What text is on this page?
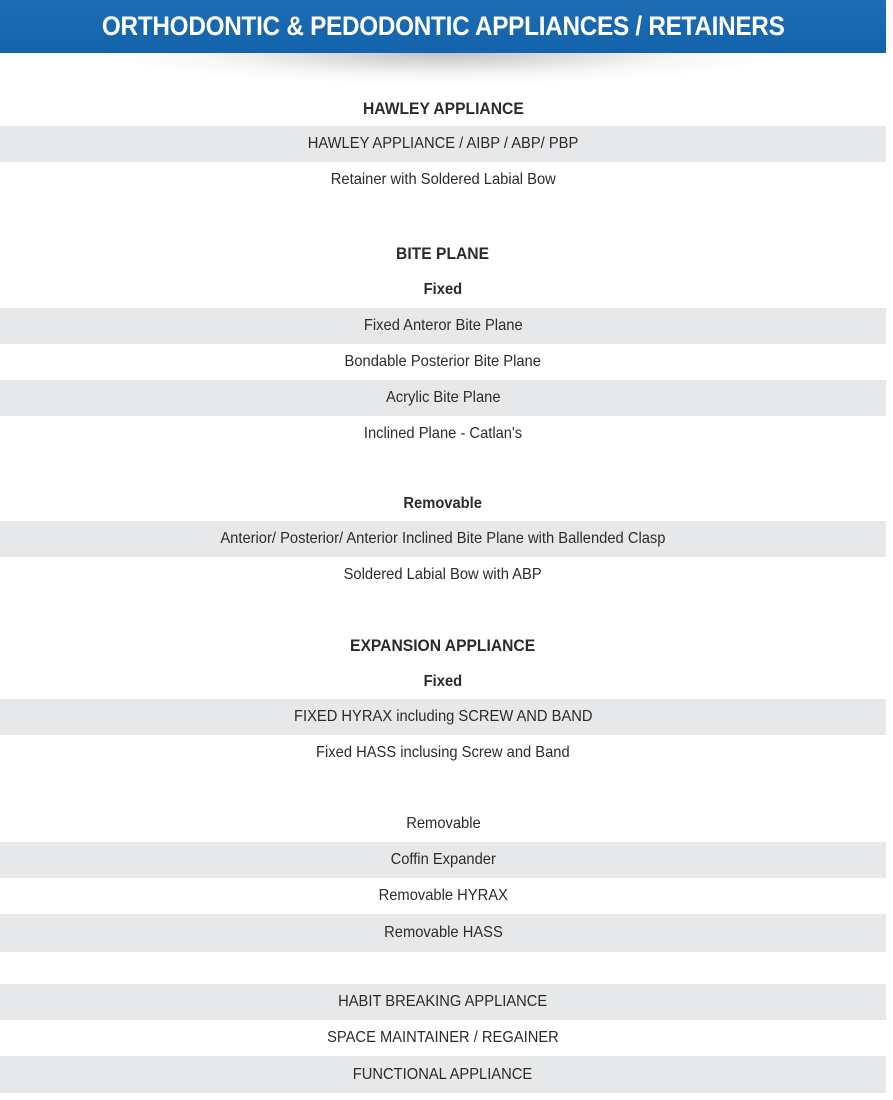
ORTHODONTIC & PEDODONTIC APPLIANCES / RETAINERS
HAWLEY APPLIANCE
HAWLEY APPLIANCE / AIBP / ABP/ PBP
Retainer with Soldered Labial Bow
BITE PLANE
Fixed
Fixed Anteror Bite Plane
Bondable Posterior Bite Plane
Acrylic Bite Plane
Inclined Plane - Catlan's
Removable
Anterior/ Posterior/ Anterior Inclined Bite Plane with Ballended Clasp
Soldered Labial Bow with ABP
EXPANSION APPLIANCE
Fixed
FIXED HYRAX including SCREW AND BAND
Fixed HASS inclusing Screw and Band
Removable
Coffin Expander
Removable HYRAX
Removable HASS
HABIT BREAKING APPLIANCE
SPACE MAINTAINER / REGAINER
FUNCTIONAL APPLIANCE
